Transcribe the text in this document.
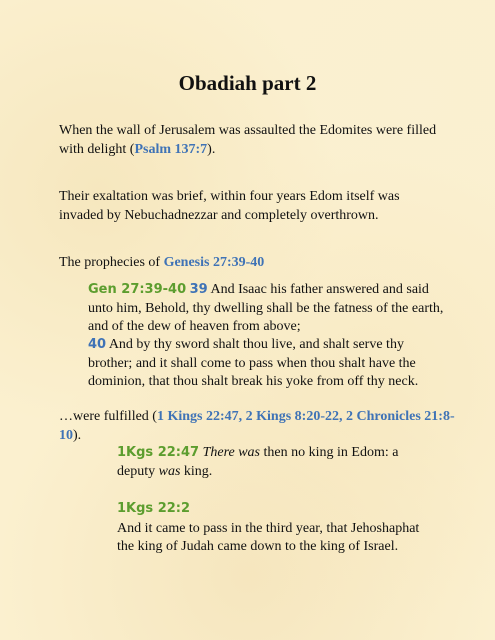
Obadiah part 2

When the wall of Jerusalem was assaulted the Edomites were filled with delight (Psalm 137:7).

Their exaltation was brief, within four years Edom itself was invaded by Nebuchadnezzar and completely overthrown.

The prophecies of Genesis 27:39-40

Gen 27:39-40 39 And Isaac his father answered and said unto him, Behold, thy dwelling shall be the fatness of the earth, and of the dew of heaven from above;

40 And by thy sword shalt thou live, and shalt serve thy brother; and it shall come to pass when thou shalt have the dominion, that thou shalt break his yoke from off thy neck.

…were fulfilled (1 Kings 22:47, 2 Kings 8:20-22, 2 Chronicles 21:8-10).

1Kgs 22:47 There was then no king in Edom: a deputy was king.

1Kgs 22:2
And it came to pass in the third year, that Jehoshaphat the king of Judah came down to the king of Israel.
